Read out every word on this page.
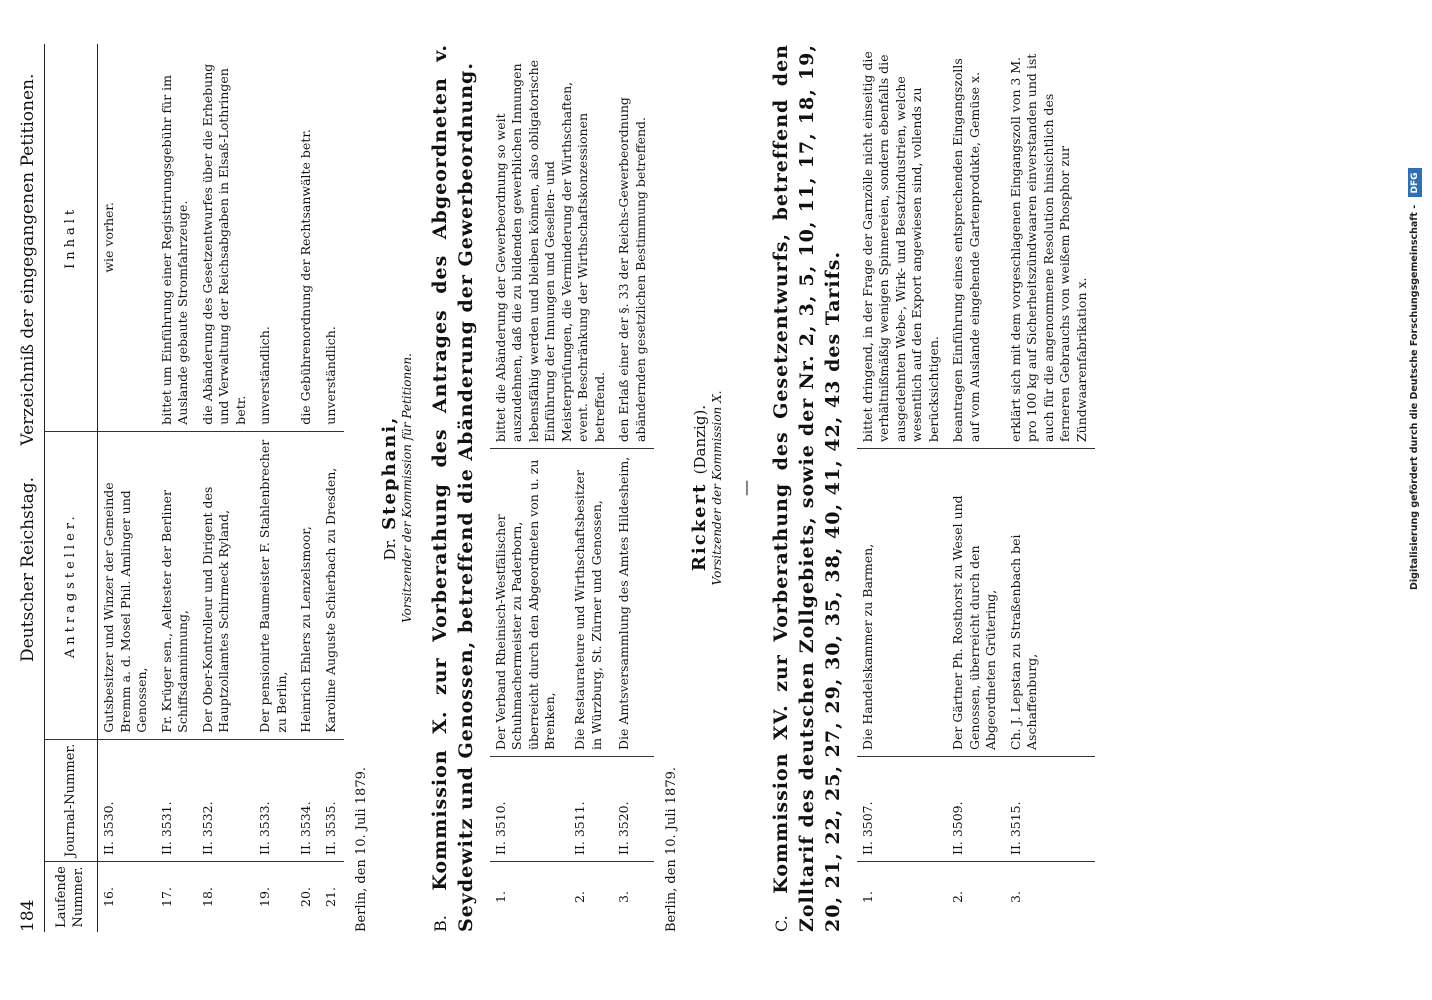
184
Deutscher Reichstag. Verzeichniß der eingegangenen Petitionen.
Laufende Nummer.	Journal-Nummer.	Antragsteller.	Inhalt
16.	II. 3530.	Gutsbesitzer und Winzer der Gemeinde Bremm a. d. Mosel Phil. Amlinger und Genossen,	wie vorher.
17.	II. 3531.	Fr. Krüger sen., Aeltester der Berliner Schiffsdanninnung,	bittet um Einführung einer Registrirungsgebühr für im Auslande gebaute Stromfahrzeuge.
18.	II. 3532.	Der Ober-Kontrolleur und Dirigent des Hauptzollamtes Schirmeck Ryland,	die Abänderung des Gesetzentwurfes über die Erhebung und Verwaltung der Reichsabgaben in Elsaß-Lothringen betr.
19.	II. 3533.	Der pensionirte Baumeister F. Stahlenbrecher zu Berlin,	unverständlich.
20.	II. 3534.	Heinrich Ehlers zu Lenzelsmoor,	die Gebührenordnung der Rechtsanwälte betr.
21.	II. 3535.	Karoline Auguste Schierbach zu Dresden,	unverständlich.

Berlin, den 10. Juli 1879.

Dr. Stephani, Vorsitzender der Kommission für Petitionen.
B. Kommission X. zur Vorberathung des Antrages des Abgeordneten v. Seydewitz und Genossen, betreffend die Abänderung der Gewerbeordnung. 1.	II. 3510.	Der Verband Rheinisch-Westfälischer Schuhmachermeister zu Paderborn, überreicht durch den Abgeordneten von u. zu Brenken,	bittet die Abänderung der Gewerbeordnung so weit auszudehnen, daß die zu bildenden gewerblichen Innungen lebensfähig werden und bleiben können, also obligatorische Einführung der Innungen und Gesellen- und Meisterprüfungen, die Verminderung der Wirthschaften, event. Beschränkung der Wirthschaftskonzessionen betreffend.
2.	II. 3511.	Die Restaurateure und Wirthschaftsbesitzer in Würzburg, St. Zürner und Genossen,	
3.	II. 3520.	Die Amtsversammlung des Amtes Hildesheim,	den Erlaß einer der §. 33 der Reichs-Gewerbeordnung abändernden gesetzlichen Bestimmung betreffend.

Berlin, den 10. Juli 1879.

Rickert (Danzig). Vorsitzender der Kommission X. —
C. Kommission XV. zur Vorberathung des Gesetzentwurfs, betreffend den Zolltarif des deutschen Zollgebiets, sowie der Nr. 2, 3, 5, 10, 11, 17, 18, 19, 20, 21, 22, 25, 27, 29, 30, 35, 38, 40, 41, 42, 43 des Tarifs. 1.	II. 3507.	Die Handelskammer zu Barmen,	bittet dringend, in der Frage der Garnzölle nicht einseitig die verhältnißmäßig wenigen Spinnereien, sondern ebenfalls die ausgedehnten Webe-, Wirk- und Besatzindustrien, welche wesentlich auf den Export angewiesen sind, vollends zu berücksichtigen.
2.	II. 3509.	Der Gärtner Ph. Rosthorst zu Wesel und Genossen, überreicht durch den Abgeordneten Grütering,	beantragen Einführung eines entsprechenden Eingangszolls auf vom Auslande eingehende Gartenprodukte, Gemüse x.
3.	II. 3515.	Ch. J. Lepstan zu Straßenbach bei Aschaffenburg,	erklärt sich mit dem vorgeschlagenen Eingangszoll von 3 M. pro 100 kg auf Sicherheitszündwaaren einverstanden und ist auch für die angenommene Resolution hinsichtlich des ferneren Gebrauchs von weißem Phosphor zur Zündwaarenfabrikation x.	Digitalisierung gefördert durch die Deutsche Forschungsgemeinschaft - DFG
